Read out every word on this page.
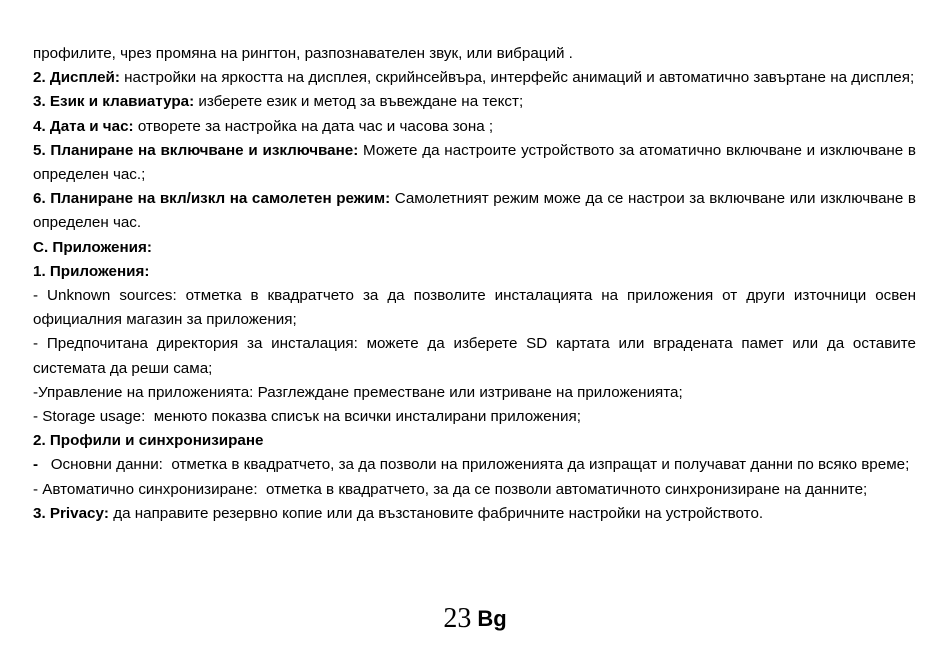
профилите, чрез промяна на рингтон, разпознавателен звук, или вибраций .

2. Дисплей: настройки на яркостта на дисплея, скрийнсейвъра, интерфейс анимаций и автоматично завъртане на дисплея;

3. Език и клавиатура: изберете език и метод за въвеждане на текст;

4. Дата и час: отворете за настройка на дата час и часова зона ;

5. Планиране на включване и изключване: Можете да настроите устройството за атоматично включване и изключване в определен час.;

6. Планиране на вкл/изкл на самолетен режим: Самолетният режим може да се настрои за включване или изключване в определен час.

С. Приложения:

1. Приложения:

- Unknown sources: отметка в квадратчето за да позволите инсталацията на приложения от други източници освен официалния магазин за приложения;

- Предпочитана директория за инсталация: можете да изберете SD картата или вградената памет или да оставите системата да реши сама;

-Управление на приложенията: Разглеждане преместване или изтриване на приложенията;

- Storage usage:  менюто показва списък на всички инсталирани приложения;

2. Профили и синхронизиране

-   Основни данни:  отметка в квадратчето, за да позволи на приложенията да изпращат и получават данни по всяко време;

- Автоматично синхронизиране:  отметка в квадратчето, за да се позволи автоматичното синхронизиране на данните;

3. Privacy: да направите резервно копие или да възстановите фабричните настройки на устройството.

23 Bg
